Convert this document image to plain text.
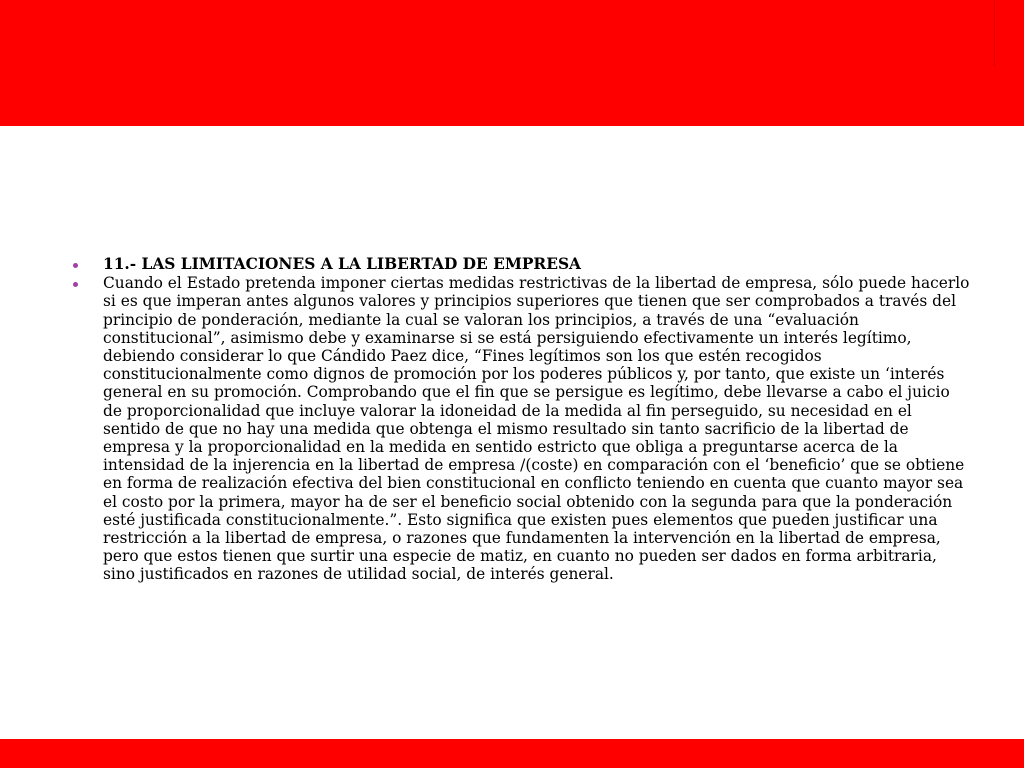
11.- LAS LIMITACIONES A LA LIBERTAD DE EMPRESA
Cuando el Estado pretenda imponer ciertas medidas restrictivas de la libertad de empresa, sólo puede hacerlo si es que imperan antes algunos valores y principios superiores que tienen que ser comprobados a través del principio de ponderación, mediante la cual se valoran los principios, a través de una “evaluación constitucional”, asimismo debe y examinarse si se está persiguiendo efectivamente un interés legítimo, debiendo considerar lo que Cándido Paez dice, “Fines legítimos son los que estén recogidos constitucionalmente como dignos de promoción por los poderes públicos y, por tanto, que existe un ‘interés general en su promoción. Comprobando que el fin que se persigue es legítimo, debe llevarse a cabo el juicio de proporcionalidad que incluye valorar la idoneidad de la medida al fin perseguido, su necesidad en el sentido de que no hay una medida que obtenga el mismo resultado sin tanto sacrificio de la libertad de empresa y la proporcionalidad en la medida en sentido estricto que obliga a preguntarse acerca de la intensidad de la injerencia en la libertad de empresa /(coste) en comparación con el ‘beneficio’ que se obtiene en forma de realización efectiva del bien constitucional en conflicto teniendo en cuenta que cuanto mayor sea el costo por la primera, mayor ha de ser el beneficio social obtenido con la segunda para que la ponderación esté justificada constitucionalmente.”. Esto significa que existen pues elementos que pueden justificar una restricción a la libertad de empresa, o razones que fundamenten la intervención en la libertad de empresa, pero que estos tienen que surtir una especie de matiz, en cuanto no pueden ser dados en forma arbitraria, sino justificados en razones de utilidad social, de interés general.
